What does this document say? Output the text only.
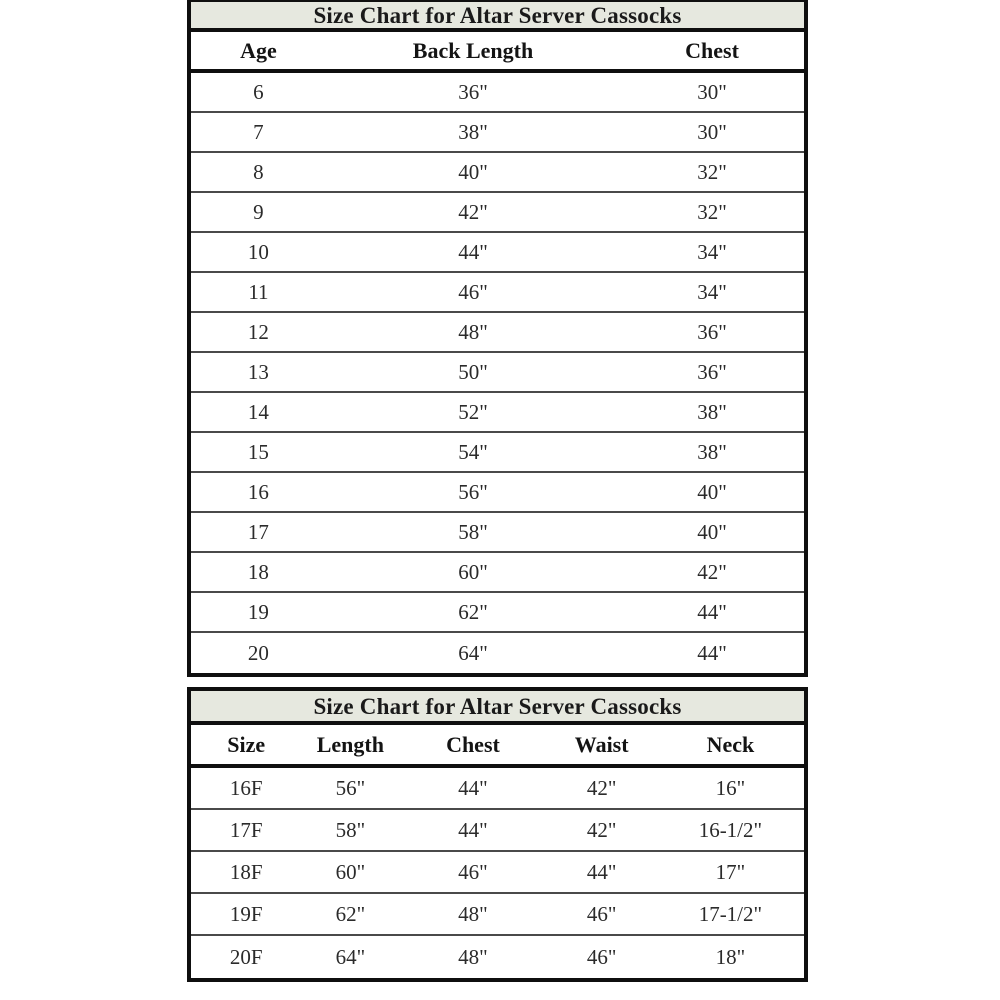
Size Chart for Altar Server Cassocks
Age	Back Length	Chest
6	36"	30"
7	38"	30"
8	40"	32"
9	42"	32"
10	44"	34"
11	46"	34"
12	48"	36"
13	50"	36"
14	52"	38"
15	54"	38"
16	56"	40"
17	58"	40"
18	60"	42"
19	62"	44"
20	64"	44"
Size Chart for Altar Server Cassocks
Size	Length	Chest	Waist	Neck
16F	56"	44"	42"	16"
17F	58"	44"	42"	16-1/2"
18F	60"	46"	44"	17"
19F	62"	48"	46"	17-1/2"
20F	64"	48"	46"	18"
